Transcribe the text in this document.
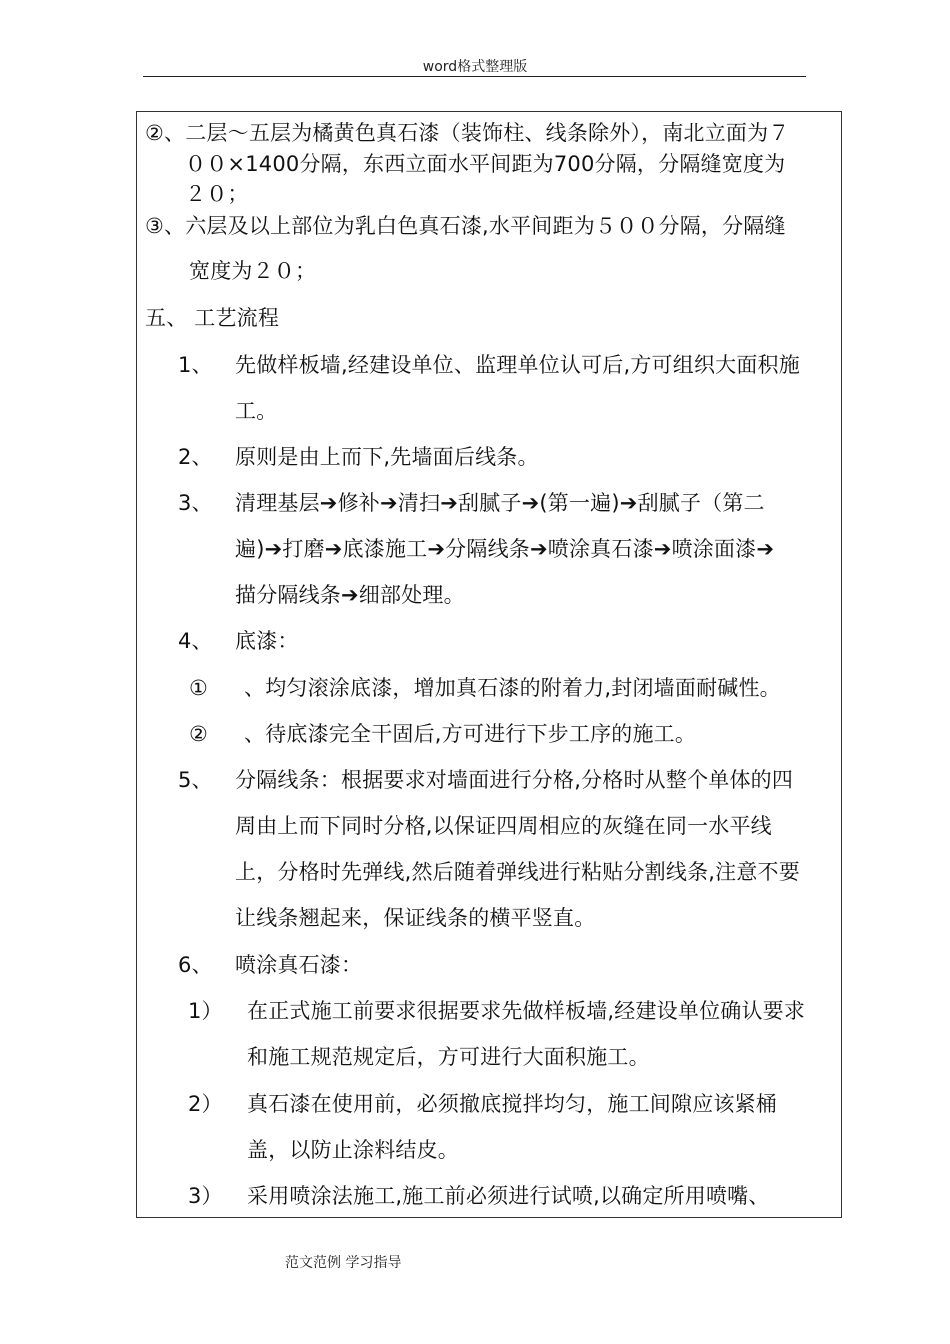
word格式整理版
②、二层～五层为橘黄色真石漆（装饰柱、线条除外），南北立面为７
００×1400分隔，东西立面水平间距为700分隔，分隔缝宽度为
２０；
③、六层及以上部位为乳白色真石漆,水平间距为５００分隔，分隔缝
宽度为２０；
五、 工艺流程
1、 先做样板墙,经建设单位、监理单位认可后,方可组织大面积施
工。
2、 原则是由上而下,先墙面后线条。
3、 清理基层➔修补➔清扫➔刮腻子➔(第一遍)➔刮腻子（第二
遍)➔打磨➔底漆施工➔分隔线条➔喷涂真石漆➔喷涂面漆➔
描分隔线条➔细部处理。
4、 底漆：
① 、均匀滚涂底漆，增加真石漆的附着力,封闭墙面耐碱性。
② 、待底漆完全干固后,方可进行下步工序的施工。
5、 分隔线条：根据要求对墙面进行分格,分格时从整个单体的四
周由上而下同时分格,以保证四周相应的灰缝在同一水平线
上，分格时先弹线,然后随着弹线进行粘贴分割线条,注意不要
让线条翘起来，保证线条的横平竖直。
6、 喷涂真石漆：
1） 在正式施工前要求很据要求先做样板墙,经建设单位确认要求
和施工规范规定后，方可进行大面积施工。
2） 真石漆在使用前，必须撤底搅拌均匀，施工间隙应该紧桶
盖，以防止涂料结皮。
3） 采用喷涂法施工,施工前必须进行试喷,以确定所用喷嘴、
范文范例 学习指导
